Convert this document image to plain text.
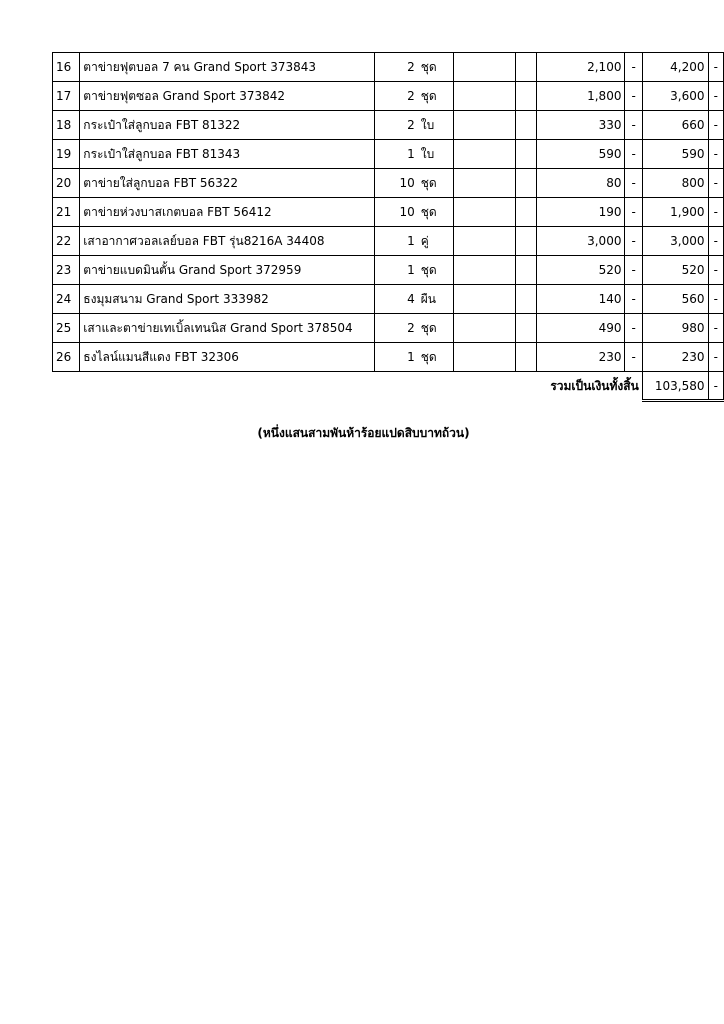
16	ตาข่ายฟุตบอล 7 คน Grand Sport 373843	2 ชุด			2,100	-	4,200	-
17	ตาข่ายฟุตซอล Grand Sport 373842	2 ชุด			1,800	-	3,600	-
18	กระเป๋าใส่ลูกบอล FBT 81322	2 ใบ			330	-	660	-
19	กระเป๋าใส่ลูกบอล FBT 81343	1 ใบ			590	-	590	-
20	ตาข่ายใส่ลูกบอล FBT 56322	10 ชุด			80	-	800	-
21	ตาข่ายห่วงบาสเกตบอล FBT 56412	10 ชุด			190	-	1,900	-
22	เสาอากาศวอลเลย์บอล FBT รุ่น8216A 34408	1 คู่			3,000	-	3,000	-
23	ตาข่ายแบดมินตั้น Grand Sport 372959	1 ชุด			520	-	520	-
24	ธงมุมสนาม Grand Sport 333982	4 ผืน			140	-	560	-
25	เสาและตาข่ายเทเบิ้ลเทนนิส Grand Sport 378504	2 ชุด			490	-	980	-
26	ธงไลน์แมนสีแดง FBT 32306	1 ชุด			230	-	230	-
			รวมเป็นเงินทั้งสิ้น				103,580	-
(หนึ่งแสนสามพันห้าร้อยแปดสิบบาทถ้วน)
